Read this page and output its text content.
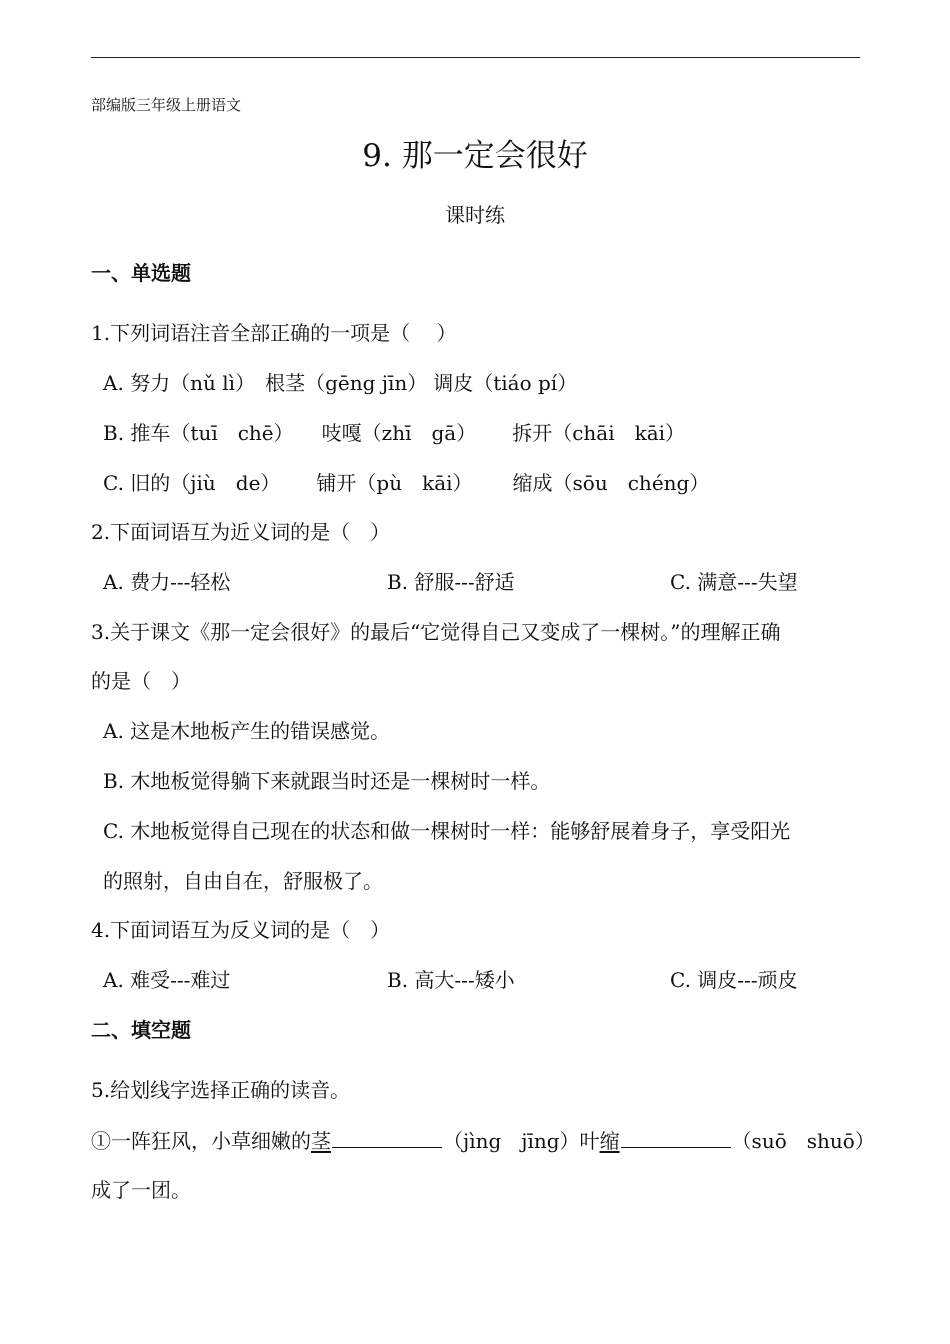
部编版三年级上册语文
9. 那一定会很好
课时练
一、单选题
1.下列词语注音全部正确的一项是（　 ）
A. 努力（nǔ lì） 根茎（gēng jīn） 调皮（tiáo pí）
B. 推车（tuī　chē） 吱嘎（zhī　gā） 拆开（chāi　kāi）
C. 旧的（jiù　de） 铺开（pù　kāi） 缩成（sōu　chéng）
2.下面词语互为近义词的是（　）
A. 费力---轻松	B. 舒服---舒适	C. 满意---失望
3.关于课文《那一定会很好》的最后“它觉得自己又变成了一棵树。”的理解正确
的是（　）
A. 这是木地板产生的错误感觉。
B. 木地板觉得躺下来就跟当时还是一棵树时一样。
C. 木地板觉得自己现在的状态和做一棵树时一样：能够舒展着身子，享受阳光
的照射，自由自在，舒服极了。
4.下面词语互为反义词的是（　）
A. 难受---难过	B. 高大---矮小	C. 调皮---顽皮
二、填空题
5.给划线字选择正确的读音。
①一阵狂风，小草细嫩的茎	（jìng　jīng）叶缩	（suō　shuō）
成了一团。
